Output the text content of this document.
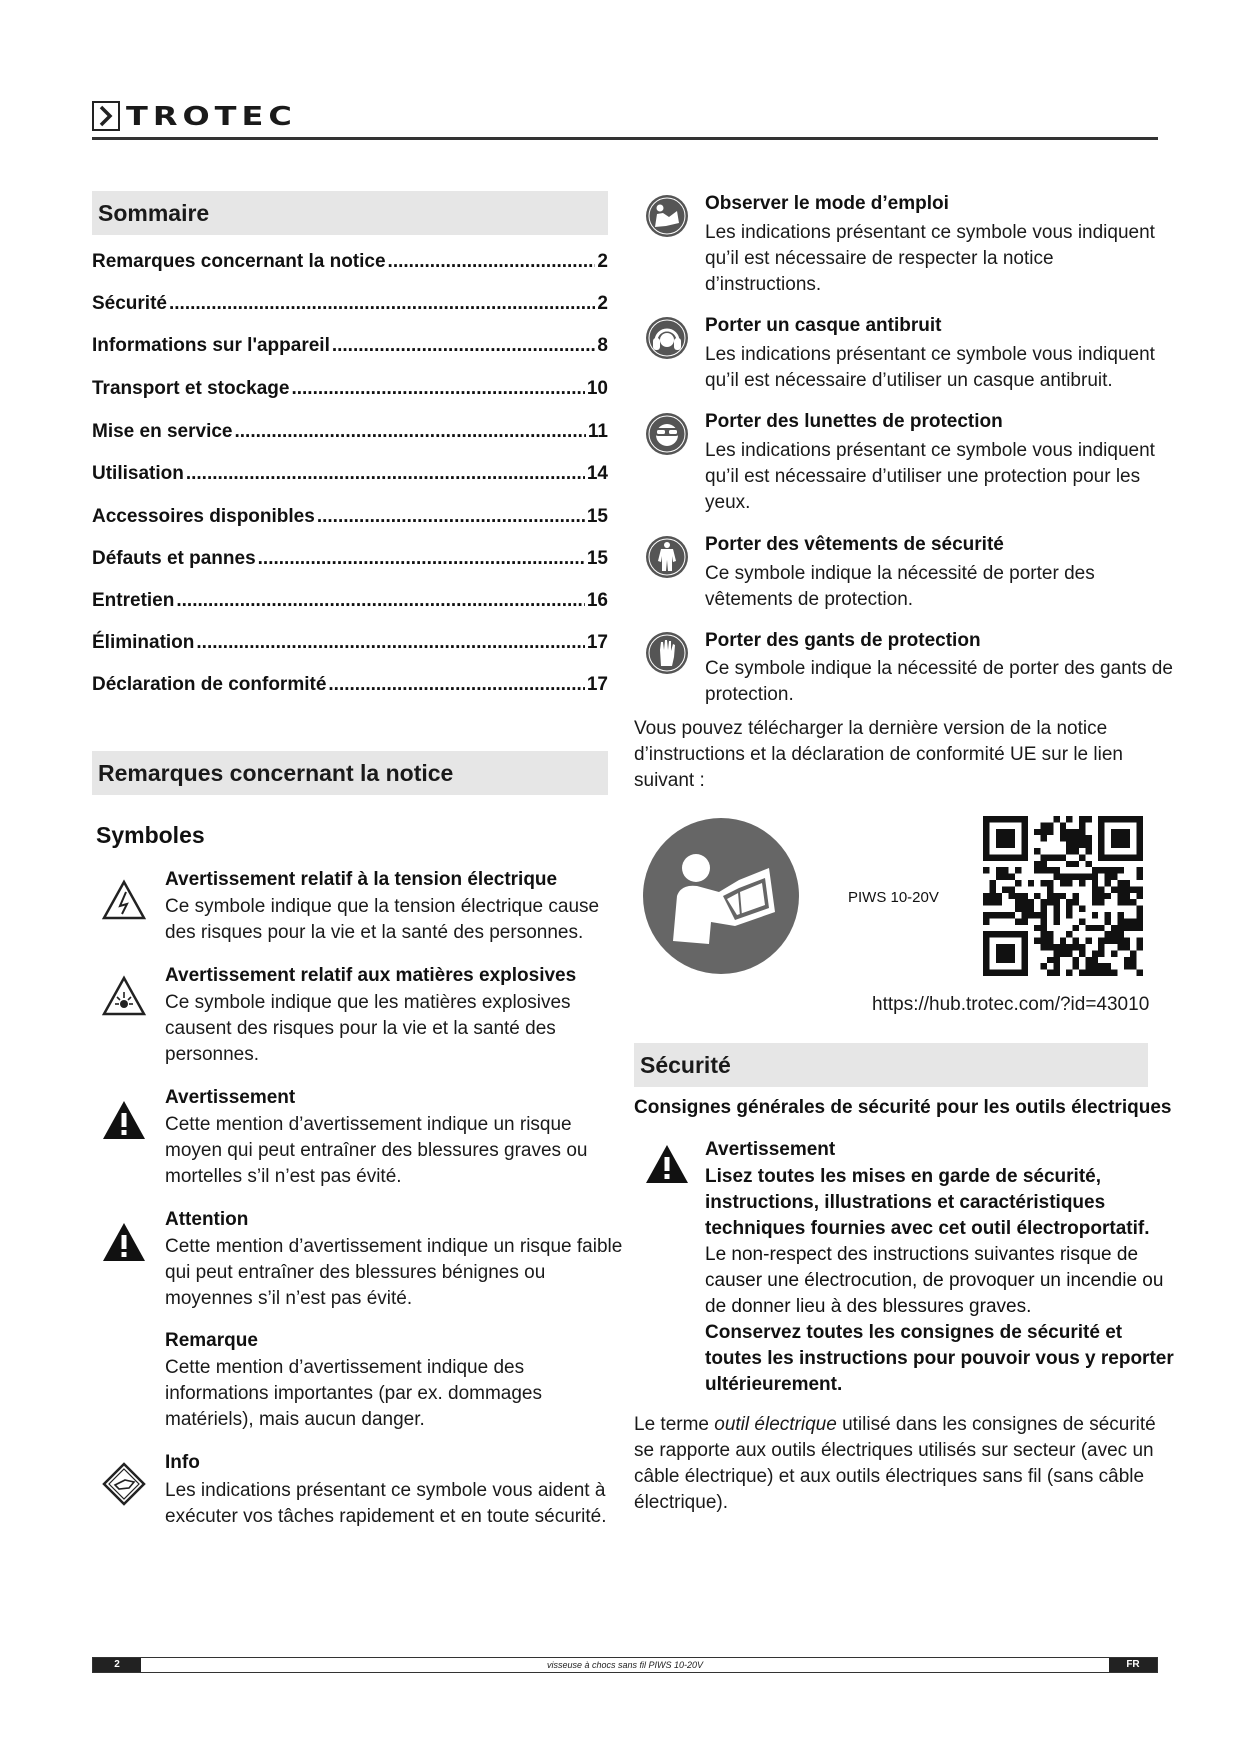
TROTEC
Sommaire
Remarques concernant la notice .....	2
Sécurité .....	2
Informations sur l'appareil .....	8
Transport et stockage .....	10
Mise en service .....	11
Utilisation .....	14
Accessoires disponibles .....	15
Défauts et pannes .....	15
Entretien .....	16
Élimination .....	17
Déclaration de conformité .....	17
Remarques concernant la notice
Symboles
Avertissement relatif à la tension électrique
Ce symbole indique que la tension électrique cause
des risques pour la vie et la santé des personnes.
Avertissement relatif aux matières explosives
Ce symbole indique que les matières explosives
causent des risques pour la vie et la santé des
personnes.
Avertissement
Cette mention d’avertissement indique un risque
moyen qui peut entraîner des blessures graves ou
mortelles s’il n’est pas évité.
Attention
Cette mention d’avertissement indique un risque faible
qui peut entraîner des blessures bénignes ou
moyennes s’il n’est pas évité.
Remarque
Cette mention d’avertissement indique des
informations importantes (par ex. dommages
matériels), mais aucun danger.
Info
Les indications présentant ce symbole vous aident à
exécuter vos tâches rapidement et en toute sécurité.
Observer le mode d’emploi
Les indications présentant ce symbole vous indiquent
qu’il est nécessaire de respecter la notice
d’instructions.
Porter un casque antibruit
Les indications présentant ce symbole vous indiquent
qu’il est nécessaire d’utiliser un casque antibruit.
Porter des lunettes de protection
Les indications présentant ce symbole vous indiquent
qu’il est nécessaire d’utiliser une protection pour les
yeux.
Porter des vêtements de sécurité
Ce symbole indique la nécessité de porter des
vêtements de protection.
Porter des gants de protection
Ce symbole indique la nécessité de porter des gants de
protection.
Vous pouvez télécharger la dernière version de la notice
d’instructions et la déclaration de conformité UE sur le lien
suivant :
PIWS 10-20V
https://hub.trotec.com/?id=43010
Sécurité
Consignes générales de sécurité pour les outils électriques
Avertissement
Lisez toutes les mises en garde de sécurité,
instructions, illustrations et caractéristiques
techniques fournies avec cet outil électroportatif.
Le non-respect des instructions suivantes risque de
causer une électrocution, de provoquer un incendie ou
de donner lieu à des blessures graves.
Conservez toutes les consignes de sécurité et
toutes les instructions pour pouvoir vous y reporter
ultérieurement.
Le terme outil électrique utilisé dans les consignes de sécurité
se rapporte aux outils électriques utilisés sur secteur (avec un
câble électrique) et aux outils électriques sans fil (sans câble
électrique).
2	visseuse à chocs sans fil PIWS 10-20V	FR
